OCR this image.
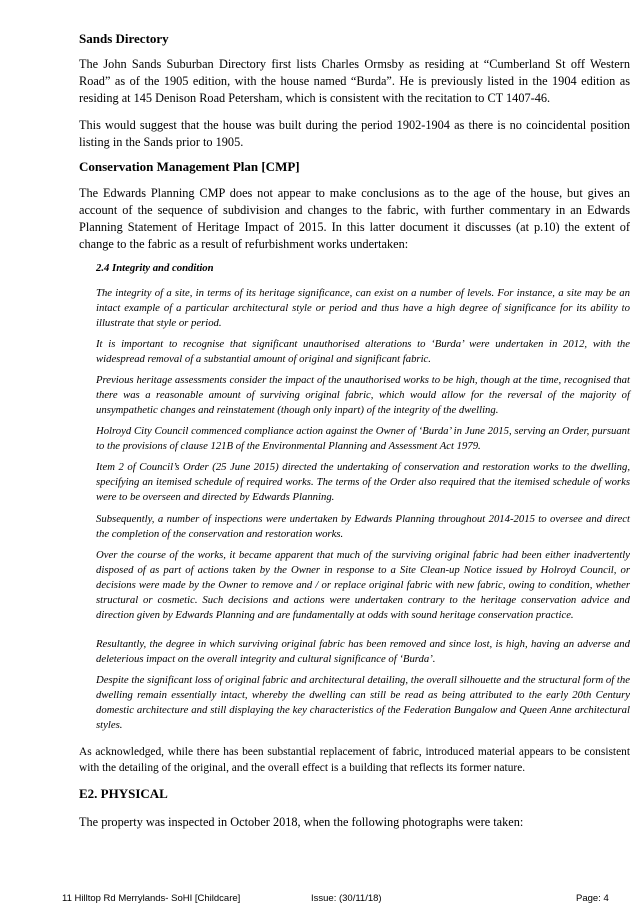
Sands Directory

The John Sands Suburban Directory first lists Charles Ormsby as residing at “Cumberland St off Western Road” as of the 1905 edition, with the house named “Burda”. He is previously listed in the 1904 edition as residing at 145 Denison Road Petersham, which is consistent with the recitation to CT 1407-46.

This would suggest that the house was built during the period 1902-1904 as there is no coincidental position listing in the Sands prior to 1905.

Conservation Management Plan [CMP]

The Edwards Planning CMP does not appear to make conclusions as to the age of the house, but gives an account of the sequence of subdivision and changes to the fabric, with further commentary in an Edwards Planning Statement of Heritage Impact of 2015. In this latter document it discusses (at p.10) the extent of change to the fabric as a result of refurbishment works undertaken:

2.4 Integrity and condition

The integrity of a site, in terms of its heritage significance, can exist on a number of levels. For instance, a site may be an intact example of a particular architectural style or period and thus have a high degree of significance for its ability to illustrate that style or period.

It is important to recognise that significant unauthorised alterations to ‘Burda’ were undertaken in 2012, with the widespread removal of a substantial amount of original and significant fabric.

Previous heritage assessments consider the impact of the unauthorised works to be high, though at the time, recognised that there was a reasonable amount of surviving original fabric, which would allow for the reversal of the majority of unsympathetic changes and reinstatement (though only inpart) of the integrity of the dwelling.

Holroyd City Council commenced compliance action against the Owner of ‘Burda’ in June 2015, serving an Order, pursuant to the provisions of clause 121B of the Environmental Planning and Assessment Act 1979.

Item 2 of Council’s Order (25 June 2015) directed the undertaking of conservation and restoration works to the dwelling, specifying an itemised schedule of required works. The terms of the Order also required that the itemised schedule of works were to be overseen and directed by Edwards Planning.

Subsequently, a number of inspections were undertaken by Edwards Planning throughout 2014-2015 to oversee and direct the completion of the conservation and restoration works.

Over the course of the works, it became apparent that much of the surviving original fabric had been either inadvertently disposed of as part of actions taken by the Owner in response to a Site Clean-up Notice issued by Holroyd Council, or decisions were made by the Owner to remove and / or replace original fabric with new fabric, owing to condition, whether structural or cosmetic. Such decisions and actions were undertaken contrary to the heritage conservation advice and direction given by Edwards Planning and are fundamentally at odds with sound heritage conservation practice.

Resultantly, the degree in which surviving original fabric has been removed and since lost, is high, having an adverse and deleterious impact on the overall integrity and cultural significance of ‘Burda’.

Despite the significant loss of original fabric and architectural detailing, the overall silhouette and the structural form of the dwelling remain essentially intact, whereby the dwelling can still be read as being attributed to the early 20th Century domestic architecture and still displaying the key characteristics of the Federation Bungalow and Queen Anne architectural styles.

As acknowledged, while there has been substantial replacement of fabric, introduced material appears to be consistent with the detailing of the original, and the overall effect is a building that reflects its former nature.

E2. PHYSICAL

The property was inspected in October 2018, when the following photographs were taken:

11 Hilltop Rd Merrylands- SoHI [Childcare]	Issue: (30/11/18)	Page: 4
